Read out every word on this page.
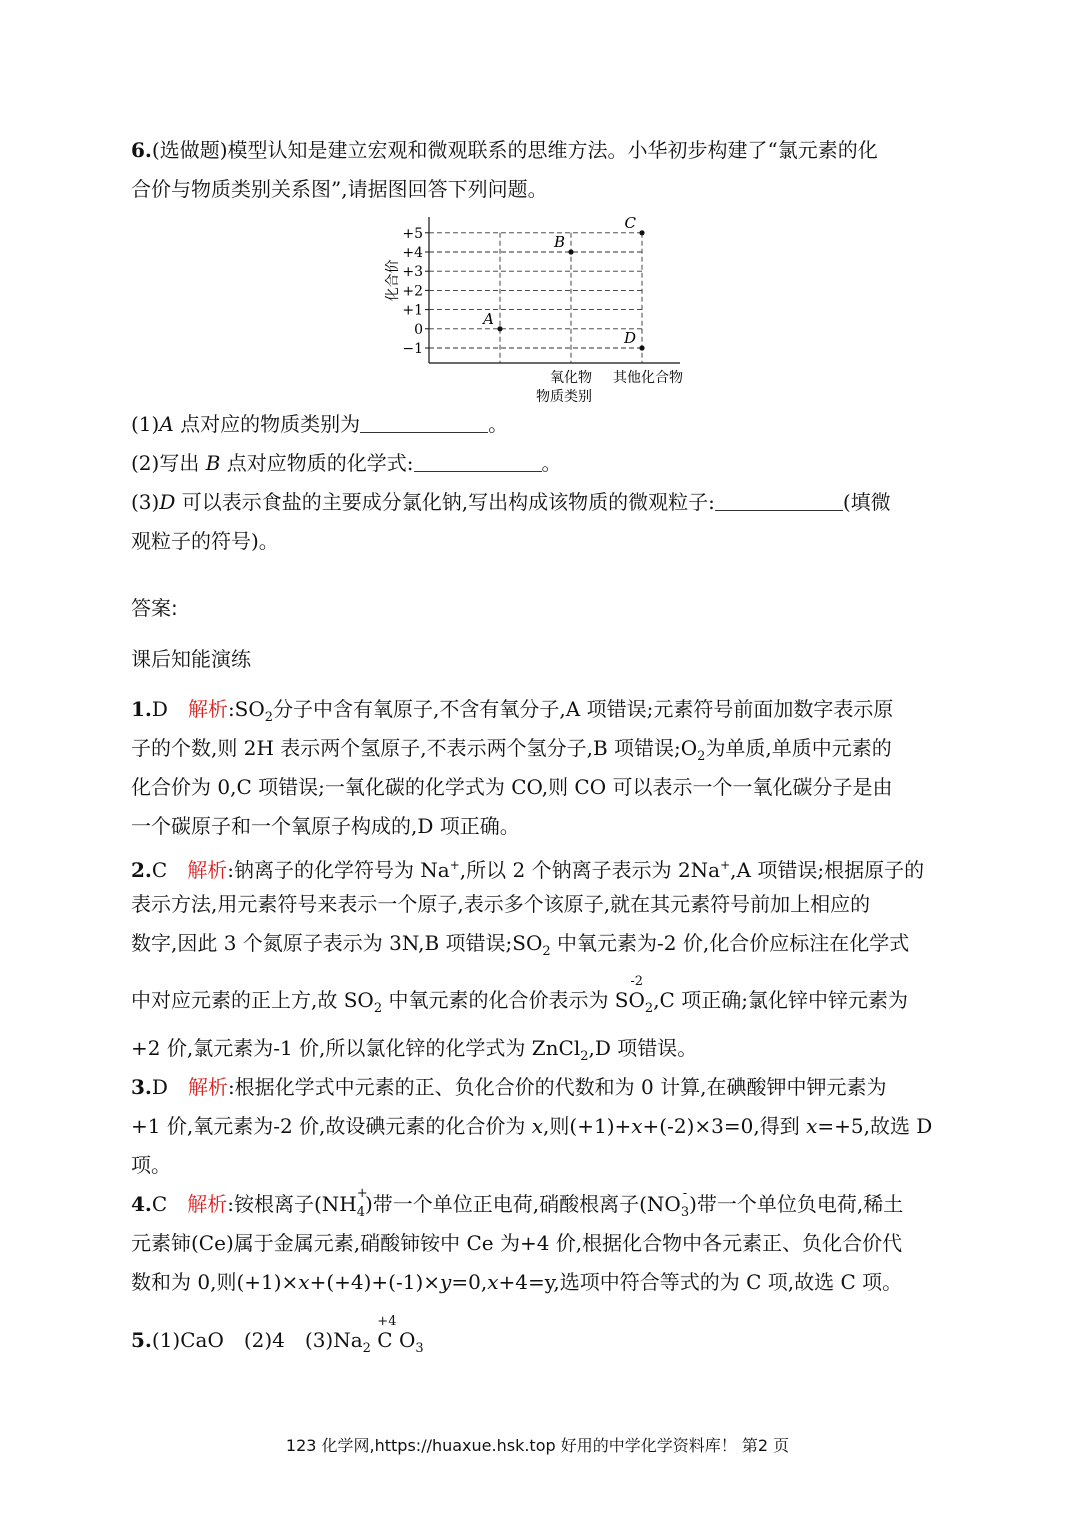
6.(选做题)模型认知是建立宏观和微观联系的思维方法。小华初步构建了“氯元素的化
合价与物质类别关系图”,请据图回答下列问题。
+5
+4
+3
+2
+1
0
−1
氧化物 其他化合物
物质类别
化合价
A
B
C
D
(1)A 点对应的物质类别为	。
(2)写出 B 点对应物质的化学式:	。
(3)D 可以表示食盐的主要成分氯化钠,写出构成该物质的微观粒子:	(填微
观粒子的符号)。
答案:
课后知能演练
1.D　 解析$:SO_2$分子中含有氧原子,不含有氧分子,A 项错误;元素符号前面加数字表示原
子的个数,则 2H 表示两个氢原子,不表示两个氢分子,B 项错误$;O_2$为单质,单质中元素的
化合价为 0,C 项错误;一氧化碳的化学式为 CO,则 CO 可以表示一个一氧化碳分子是由
一个碳原子和一个氧原子构成的,D 项正确。
2.C　 解析:钠离子的化学符号为 Na+,所以 2 个钠离子表示为 2Na+,A 项错误;根据原子的
表示方法,用元素符号来表示一个原子,表示多个该原子,就在其元素符号前加上相应的
数字,因此 3 个氮原子表示为 3N,B 项错误$;SO_2$ 中氧元素为-2 价,化合价应标注在化学式
中对应元素的正上方,故 $SO_2$ 中氧元素的化合价表示为 S
-2
$O_2,C$ 项正确;氯化锌中锌元素为
+2 价,氯元素为-1 价,所以氯化锌的化学式为 ZnCl$_2$,D 项错误。
3.D　 解析:根据化学式中元素的正、负化合价的代数和为 0 计算,在碘酸钾中钾元素为
+1 价,氧元素为-2 价,故设碘元素的化合价为 x,则(+1)+x+(-2)×3=0,得到 x=+5,故选 D
项。
4.C　 解析:铵根离子(NH +
$_4$)带一个单位正电荷,硝酸根离子(NO -
$_3$)带一个单位负电荷,稀土
元素铈(Ce)属于金属元素,硝酸铈铵中 Ce 为+4 价,根据化合物中各元素正、负化合价代
数和为 0,则(+1)×x+(+4)+(-1)×y=0,x+4=y,选项中符合等式的为 C 项,故选 C 项。
5.(1)CaO　(2)4　$(3)Na_2$
+4
C $O_3$
123 化学网,https://huaxue.hsk.top 好用的中学化学资料库！ 第2 页
